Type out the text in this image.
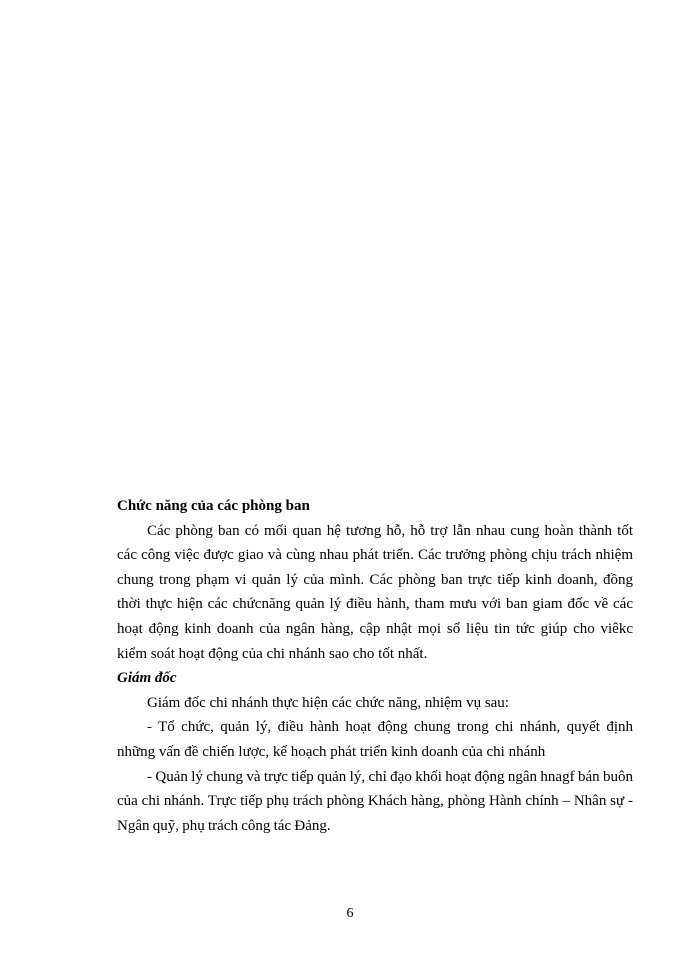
Chức năng của các phòng ban

Các phòng ban có mối quan hệ tương hỗ, hỗ trợ lẫn nhau cung hoàn thành tốt các công việc được giao và cùng nhau phát triển. Các trưởng phòng chịu trách nhiệm chung trong phạm vi quản lý của mình. Các phòng ban trực tiếp kinh doanh, đồng thời thực hiện các chứcnăng quản lý điều hành, tham mưu với ban giam đốc về các hoạt động kinh doanh của ngân hàng, cập nhật mọi số liệu tin tức giúp cho viêkc kiểm soát hoạt động của chi nhánh sao cho tốt nhất.

Giám đốc

Giám đốc chi nhánh thực hiện các chức năng, nhiệm vụ sau:

- Tổ chức, quản lý, điều hành hoạt động chung trong chi nhánh, quyết định những vấn đề chiến lược, kế hoạch phát triển kinh doanh của chi nhánh

- Quản lý chung và trực tiếp quản lý, chỉ đạo khối hoạt động ngân hnagf bán buôn của chi nhánh. Trực tiếp phụ trách phòng Khách hàng, phòng Hành chính – Nhân sự - Ngân quỹ, phụ trách công tác Đảng.

6
